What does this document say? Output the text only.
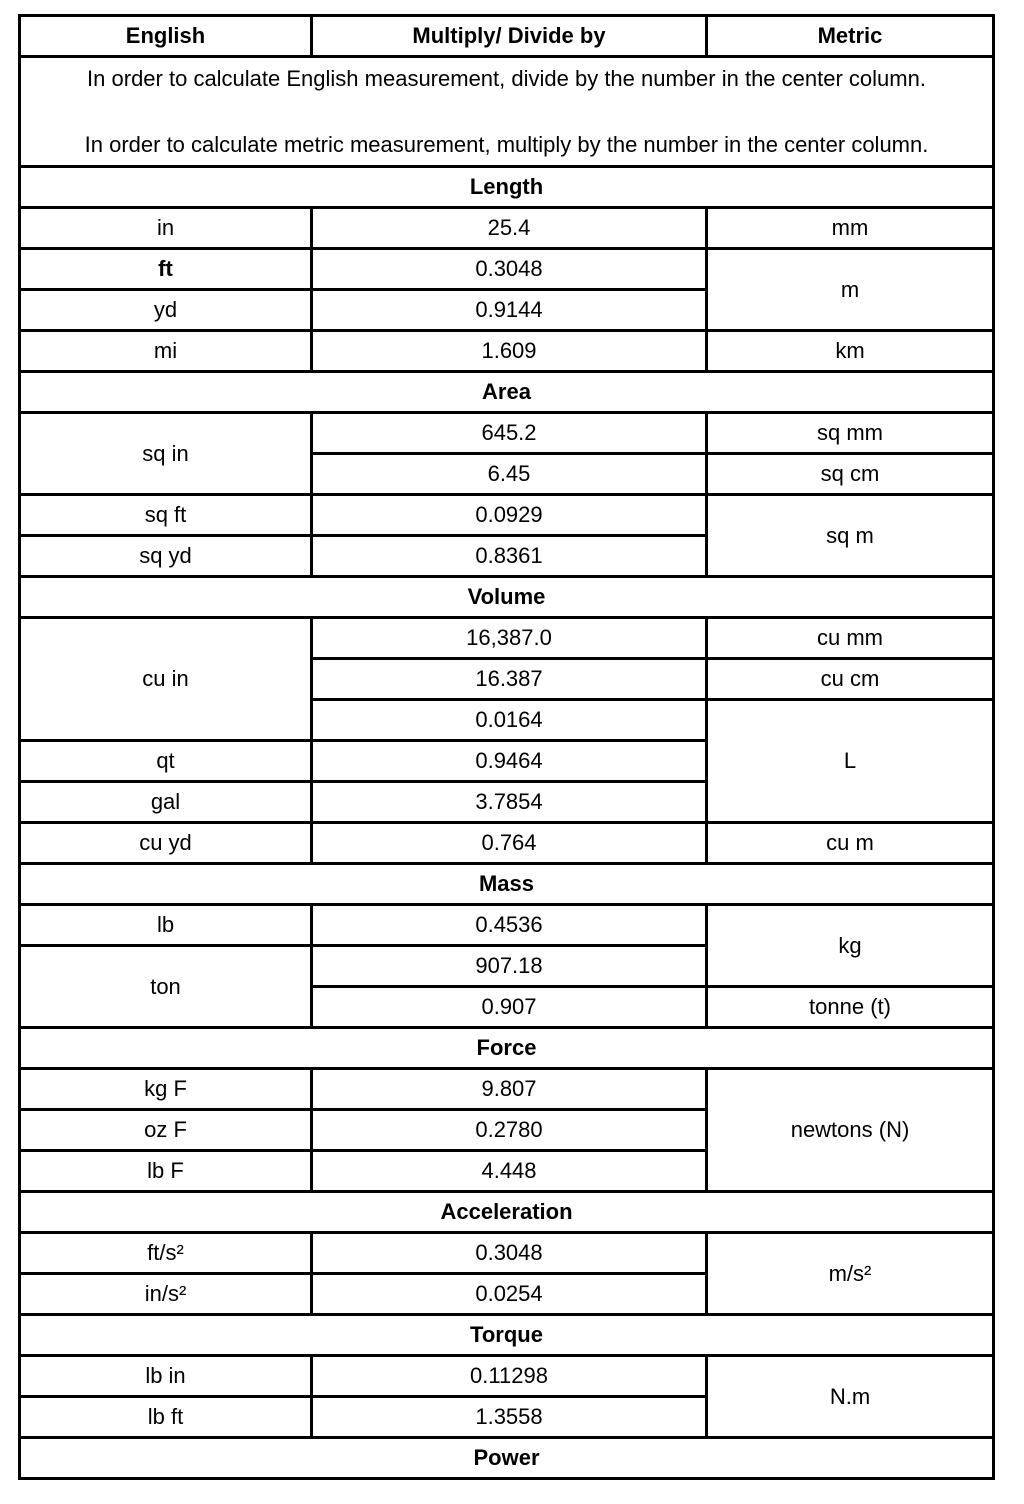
English	Multiply/ Divide by	Metric

In order to calculate English measurement, divide by the number in the center column.

In order to calculate metric measurement, multiply by the number in the center column.		

Length		
in	25.4	mm
ft	0.3048	m
yd	0.9144	
mi	1.609	km
Area		
sq in	645.2	sq mm
	6.45	sq cm
sq ft	0.0929	sq m
sq yd	0.8361	
Volume		
cu in	16,387.0	cu mm
	16.387	cu cm
	0.0164	L
qt	0.9464	
gal	3.7854	
cu yd	0.764	cu m
Mass		
lb	0.4536	kg
ton	907.18	
	0.907	tonne (t)
Force		
kg F	9.807	newtons (N)
oz F	0.2780	
lb F	4.448	
Acceleration		
ft/s²	0.3048	m/s²
in/s²	0.0254	
Torque		
lb in	0.11298	N.m
lb ft	1.3558	
Power		
